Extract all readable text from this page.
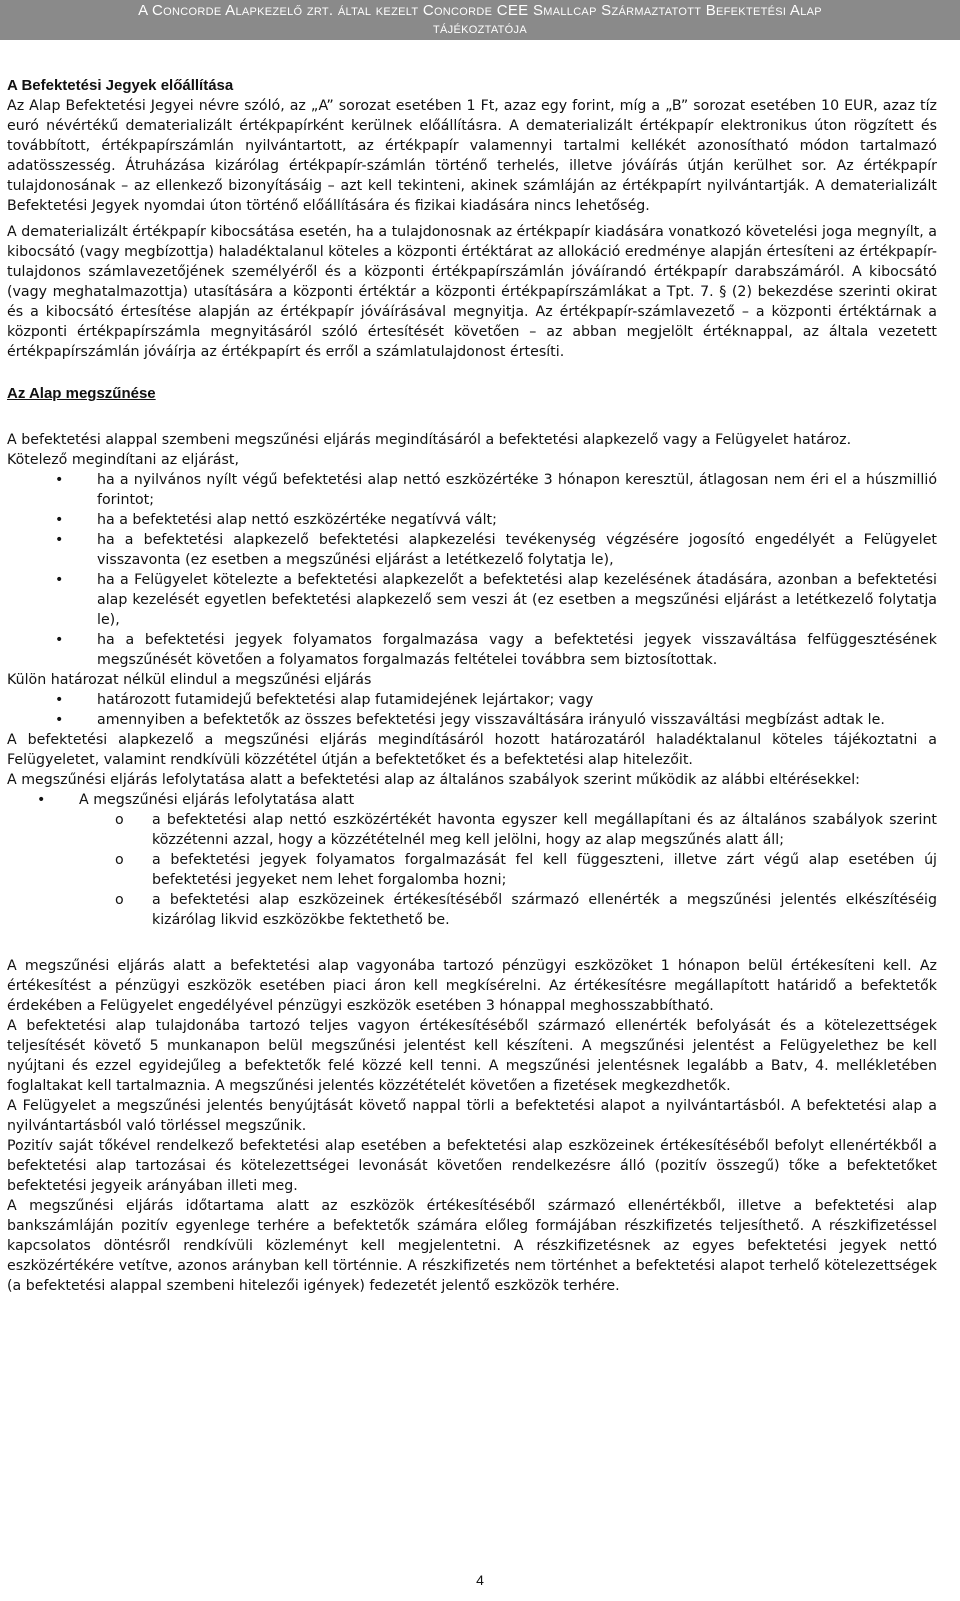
A Concorde Alapkezelő zrt. által kezelt Concorde CEE Smallcap Származtatott Befektetési Alap
tájékoztatója

A Befektetési Jegyek előállítása

Az Alap Befektetési Jegyei névre szóló, az „A” sorozat esetében 1 Ft, azaz egy forint, míg a „B” sorozat esetében 10 EUR, azaz tíz euró névértékű dematerializált értékpapírként kerülnek előállításra. A dematerializált értékpapír elektronikus úton rögzített és továbbított, értékpapírszámlán nyilvántartott, az értékpapír valamennyi tartalmi kellékét azonosítható módon tartalmazó adatösszesség. Átruházása kizárólag értékpapír-számlán történő terhelés, illetve jóváírás útján kerülhet sor. Az értékpapír tulajdonosának – az ellenkező bizonyításáig – azt kell tekinteni, akinek számláján az értékpapírt nyilvántartják. A dematerializált Befektetési Jegyek nyomdai úton történő előállítására és fizikai kiadására nincs lehetőség.

A dematerializált értékpapír kibocsátása esetén, ha a tulajdonosnak az értékpapír kiadására vonatkozó követelési joga megnyílt, a kibocsátó (vagy megbízottja) haladéktalanul köteles a központi értéktárat az allokáció eredménye alapján értesíteni az értékpapír-tulajdonos számlavezetőjének személyéről és a központi értékpapírszámlán jóváírandó értékpapír darabszámáról. A kibocsátó (vagy meghatalmazottja) utasítására a központi értéktár a központi értékpapírszámlákat a Tpt. 7. § (2) bekezdése szerinti okirat és a kibocsátó értesítése alapján az értékpapír jóváírásával megnyitja. Az értékpapír-számlavezető – a központi értéktárnak a központi értékpapírszámla megnyitásáról szóló értesítését követően – az abban megjelölt értéknappal, az általa vezetett értékpapírszámlán jóváírja az értékpapírt és erről a számlatulajdonost értesíti.

Az Alap megszűnése

A befektetési alappal szembeni megszűnési eljárás megindításáról a befektetési alapkezelő vagy a Felügyelet határoz.

Kötelező megindítani az eljárást,

• ha a nyilvános nyílt végű befektetési alap nettó eszközértéke 3 hónapon keresztül, átlagosan nem éri el a húszmillió forintot;
• ha a befektetési alap nettó eszközértéke negatívvá vált;
• ha a befektetési alapkezelő befektetési alapkezelési tevékenység végzésére jogosító engedélyét a Felügyelet visszavonta (ez esetben a megszűnési eljárást a letétkezelő folytatja le),
• ha a Felügyelet kötelezte a befektetési alapkezelőt a befektetési alap kezelésének átadására, azonban a befektetési alap kezelését egyetlen befektetési alapkezelő sem veszi át (ez esetben a megszűnési eljárást a letétkezelő folytatja le),
• ha a befektetési jegyek folyamatos forgalmazása vagy a befektetési jegyek visszaváltása felfüggesztésének megszűnését követően a folyamatos forgalmazás feltételei továbbra sem biztosítottak.

Külön határozat nélkül elindul a megszűnési eljárás

• határozott futamidejű befektetési alap futamidejének lejártakor; vagy
• amennyiben a befektetők az összes befektetési jegy visszaváltására irányuló visszaváltási megbízást adtak le.

A befektetési alapkezelő a megszűnési eljárás megindításáról hozott határozatáról haladéktalanul köteles tájékoztatni a Felügyeletet, valamint rendkívüli közzététel útján a befektetőket és a befektetési alap hitelezőit.

A megszűnési eljárás lefolytatása alatt a befektetési alap az általános szabályok szerint működik az alábbi eltérésekkel:

• A megszűnési eljárás lefolytatása alatt
o a befektetési alap nettó eszközértékét havonta egyszer kell megállapítani és az általános szabályok szerint közzétenni azzal, hogy a közzétételnél meg kell jelölni, hogy az alap megszűnés alatt áll;
o a befektetési jegyek folyamatos forgalmazását fel kell függeszteni, illetve zárt végű alap esetében új befektetési jegyeket nem lehet forgalomba hozni;
o a befektetési alap eszközeinek értékesítéséből származó ellenérték a megszűnési jelentés elkészítéséig kizárólag likvid eszközökbe fektethető be.

A megszűnési eljárás alatt a befektetési alap vagyonába tartozó pénzügyi eszközöket 1 hónapon belül értékesíteni kell. Az értékesítést a pénzügyi eszközök esetében piaci áron kell megkísérelni. Az értékesítésre megállapított határidő a befektetők érdekében a Felügyelet engedélyével pénzügyi eszközök esetében 3 hónappal meghosszabbítható.

A befektetési alap tulajdonába tartozó teljes vagyon értékesítéséből származó ellenérték befolyását és a kötelezettségek teljesítését követő 5 munkanapon belül megszűnési jelentést kell készíteni. A megszűnési jelentést a Felügyelethez be kell nyújtani és ezzel egyidejűleg a befektetők felé közzé kell tenni. A megszűnési jelentésnek legalább a Batv, 4. mellékletében foglaltakat kell tartalmaznia. A megszűnési jelentés közzétételét követően a fizetések megkezdhetők.

A Felügyelet a megszűnési jelentés benyújtását követő nappal törli a befektetési alapot a nyilvántartásból. A befektetési alap a nyilvántartásból való törléssel megszűnik.

Pozitív saját tőkével rendelkező befektetési alap esetében a befektetési alap eszközeinek értékesítéséből befolyt ellenértékből a befektetési alap tartozásai és kötelezettségei levonását követően rendelkezésre álló (pozitív összegű) tőke a befektetőket befektetési jegyeik arányában illeti meg.

A megszűnési eljárás időtartama alatt az eszközök értékesítéséből származó ellenértékből, illetve a befektetési alap bankszámláján pozitív egyenlege terhére a befektetők számára előleg formájában részkifizetés teljesíthető. A részkifizetéssel kapcsolatos döntésről rendkívüli közleményt kell megjelentetni. A részkifizetésnek az egyes befektetési jegyek nettó eszközértékére vetítve, azonos arányban kell történnie. A részkifizetés nem történhet a befektetési alapot terhelő kötelezettségek (a befektetési alappal szembeni hitelezői igények) fedezetét jelentő eszközök terhére.

4
